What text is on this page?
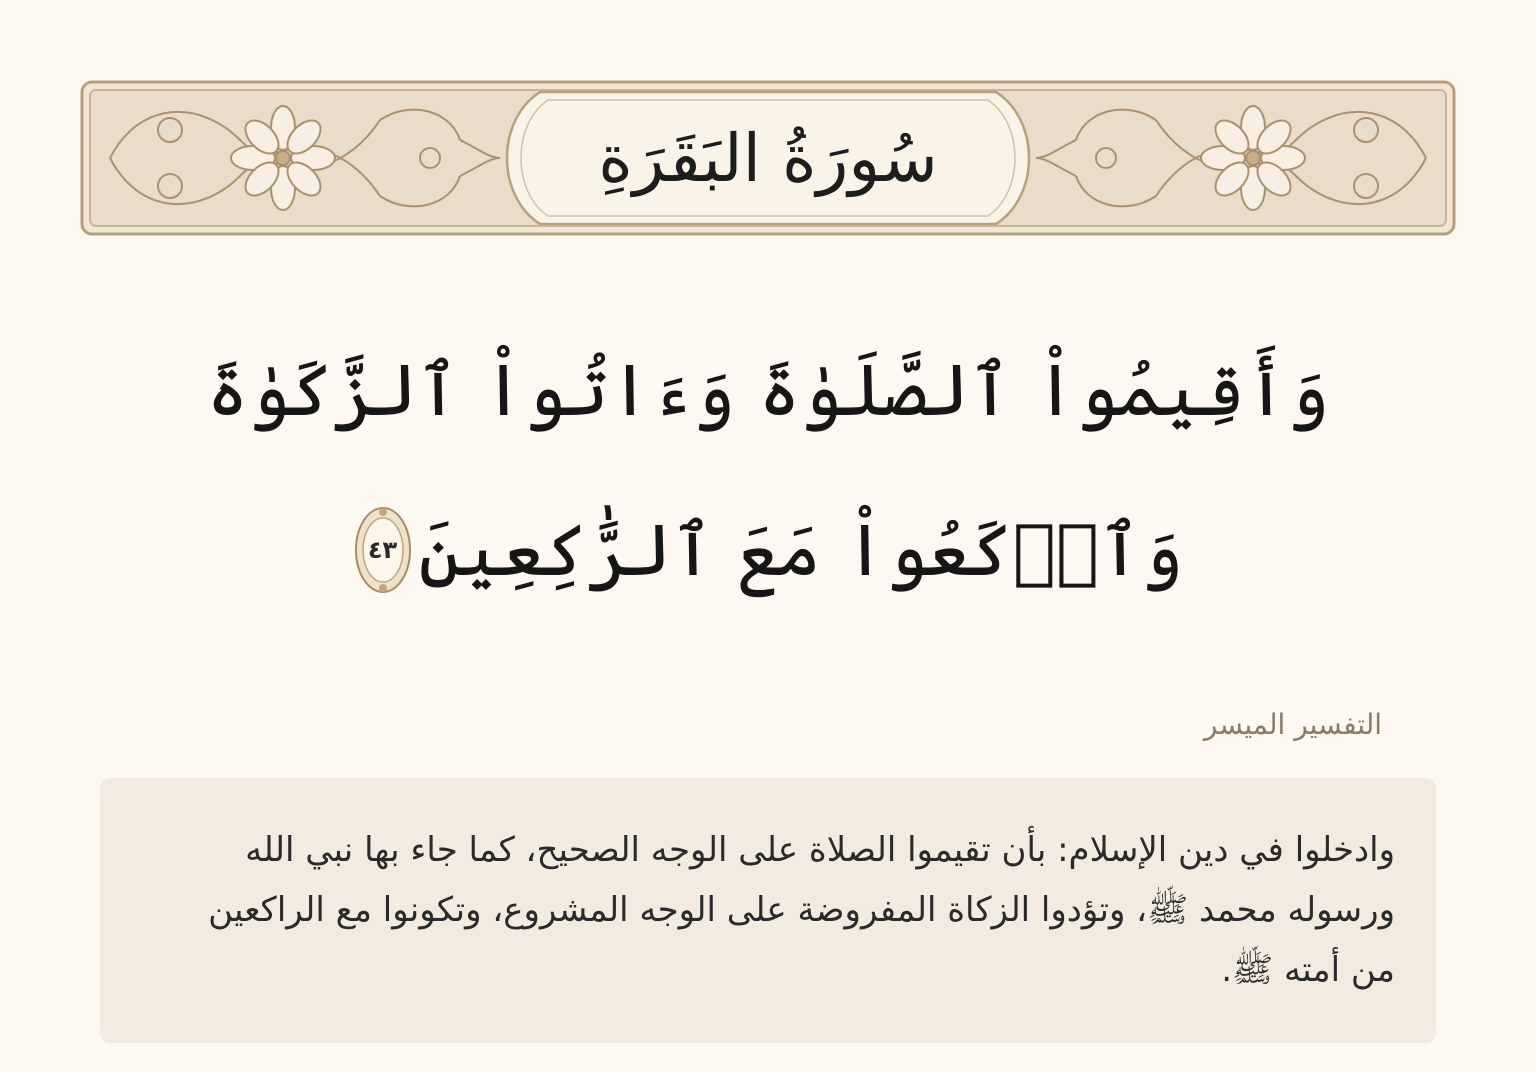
سُورَةُ البَقَرَةِ
وَأَقِيمُواْ ٱلصَّلَوٰةَ وَءَاتُواْ ٱلزَّكَوٰةَ
وَٱرۡكَعُواْ مَعَ ٱلرَّٰكِعِينَ
٤٣
التفسير الميسر
وادخلوا في دين الإسلام: بأن تقيموا الصلاة على الوجه الصحيح، كما جاء بها نبي الله ورسوله محمد ﷺ، وتؤدوا الزكاة المفروضة على الوجه المشروع، وتكونوا مع الراكعين من أمته ﷺ.
